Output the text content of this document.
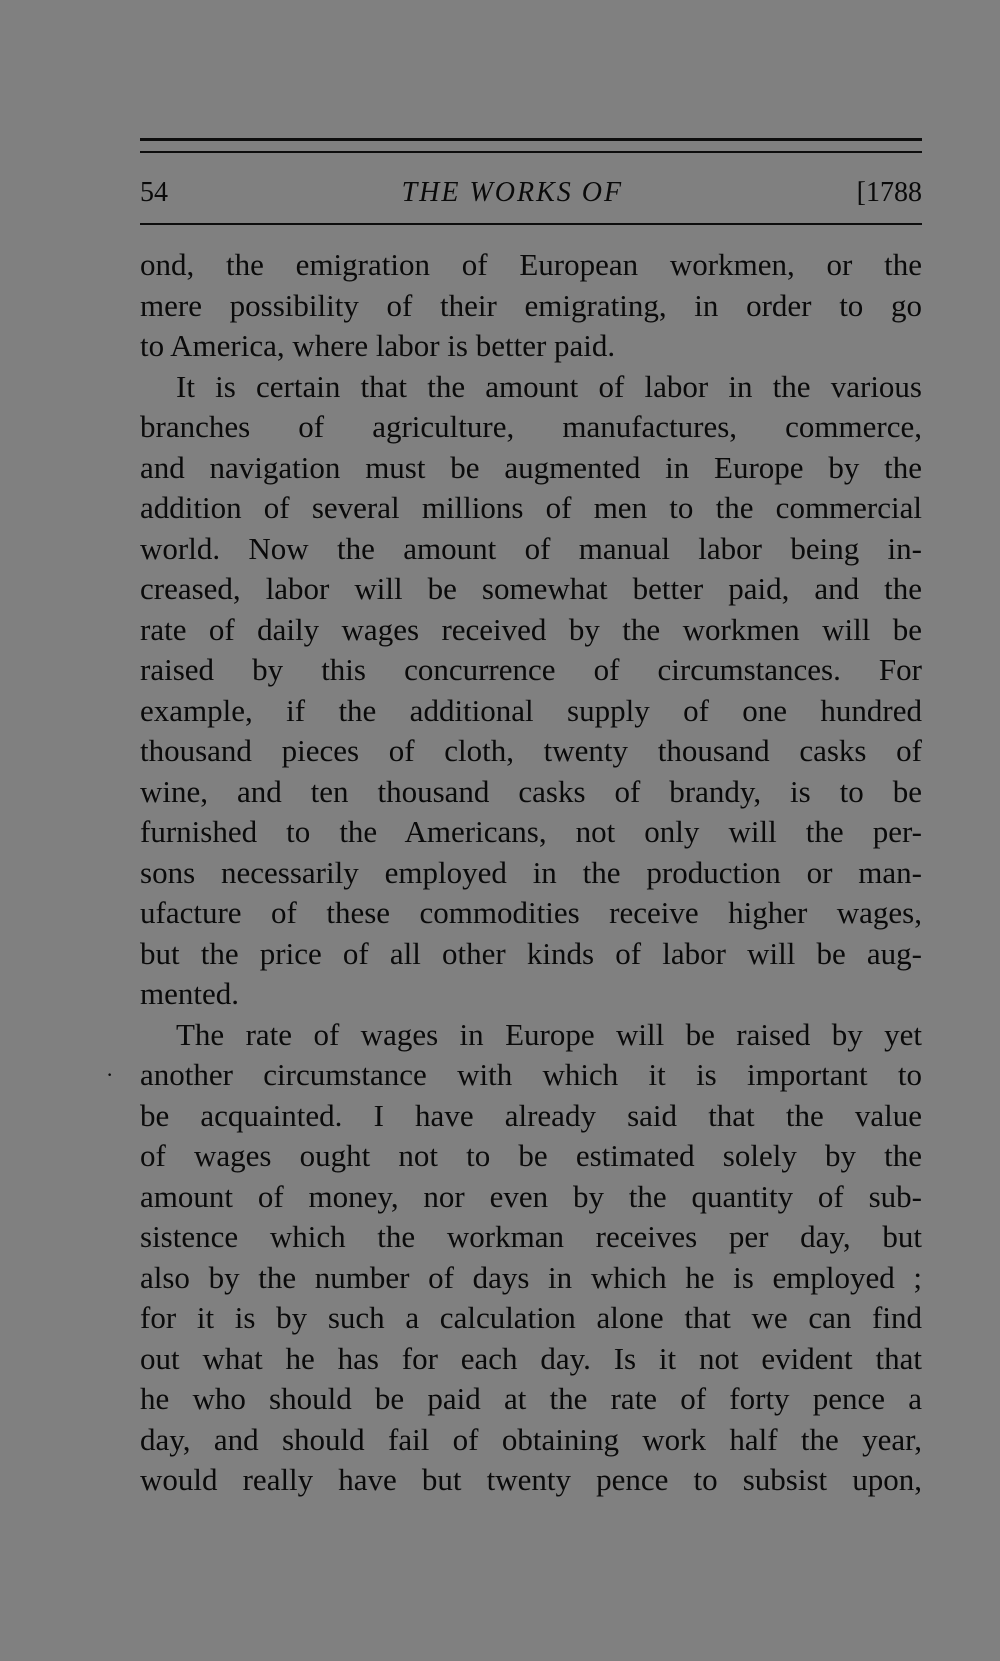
54	THE WORKS OF	[1788
ond, the emigration of European workmen, or the
mere possibility of their emigrating, in order to go
to America, where labor is better paid.
It is certain that the amount of labor in the various
branches of agriculture, manufactures, commerce,
and navigation must be augmented in Europe by the
addition of several millions of men to the commercial
world. Now the amount of manual labor being in-
creased, labor will be somewhat better paid, and the
rate of daily wages received by the workmen will be
raised by this concurrence of circumstances. For
example, if the additional supply of one hundred
thousand pieces of cloth, twenty thousand casks of
wine, and ten thousand casks of brandy, is to be
furnished to the Americans, not only will the per-
sons necessarily employed in the production or man-
ufacture of these commodities receive higher wages,
but the price of all other kinds of labor will be aug-
mented.
The rate of wages in Europe will be raised by yet
· another circumstance with which it is important to
be acquainted. I have already said that the value
of wages ought not to be estimated solely by the
amount of money, nor even by the quantity of sub-
sistence which the workman receives per day, but
also by the number of days in which he is employed ;
for it is by such a calculation alone that we can find
out what he has for each day. Is it not evident that
he who should be paid at the rate of forty pence a
day, and should fail of obtaining work half the year,
would really have but twenty pence to subsist upon,
